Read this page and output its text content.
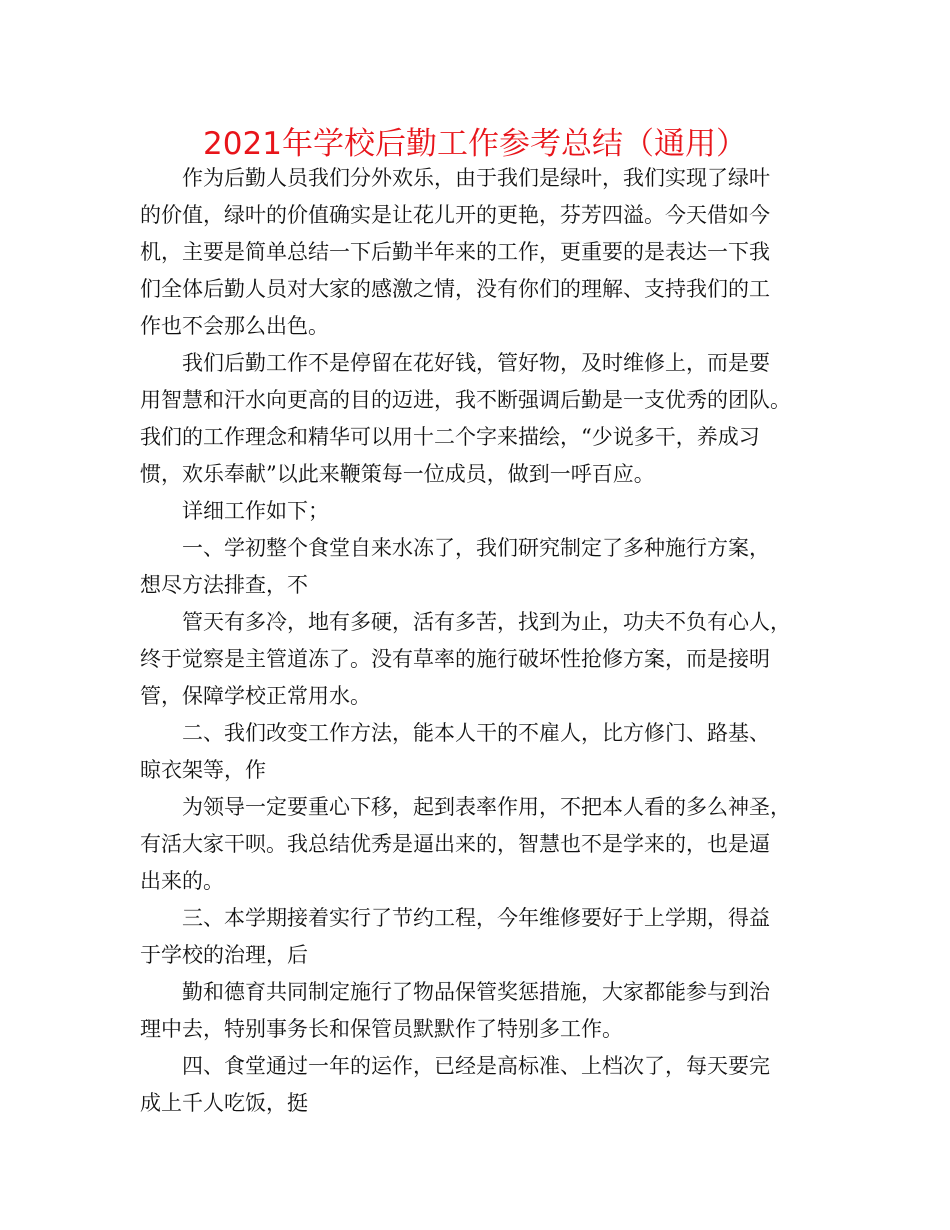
2021年学校后勤工作参考总结（通用）
作为后勤人员我们分外欢乐，由于我们是绿叶，我们实现了绿叶
的价值，绿叶的价值确实是让花儿开的更艳，芬芳四溢。今天借如今
机，主要是简单总结一下后勤半年来的工作，更重要的是表达一下我
们全体后勤人员对大家的感激之情，没有你们的理解、支持我们的工
作也不会那么出色。
我们后勤工作不是停留在花好钱，管好物，及时维修上，而是要
用智慧和汗水向更高的目的迈进，我不断强调后勤是一支优秀的团队。
我们的工作理念和精华可以用十二个字来描绘，“少说多干，养成习
惯，欢乐奉献”以此来鞭策每一位成员，做到一呼百应。
详细工作如下；
一、学初整个食堂自来水冻了，我们研究制定了多种施行方案，
想尽方法排查，不
管天有多冷，地有多硬，活有多苦，找到为止，功夫不负有心人，
终于觉察是主管道冻了。没有草率的施行破坏性抢修方案，而是接明
管，保障学校正常用水。
二、我们改变工作方法，能本人干的不雇人，比方修门、路基、
晾衣架等，作
为领导一定要重心下移，起到表率作用，不把本人看的多么神圣，
有活大家干呗。我总结优秀是逼出来的，智慧也不是学来的，也是逼
出来的。
三、本学期接着实行了节约工程，今年维修要好于上学期，得益
于学校的治理，后
勤和德育共同制定施行了物品保管奖惩措施，大家都能参与到治
理中去，特别事务长和保管员默默作了特别多工作。
四、食堂通过一年的运作，已经是高标准、上档次了，每天要完
成上千人吃饭，挺
